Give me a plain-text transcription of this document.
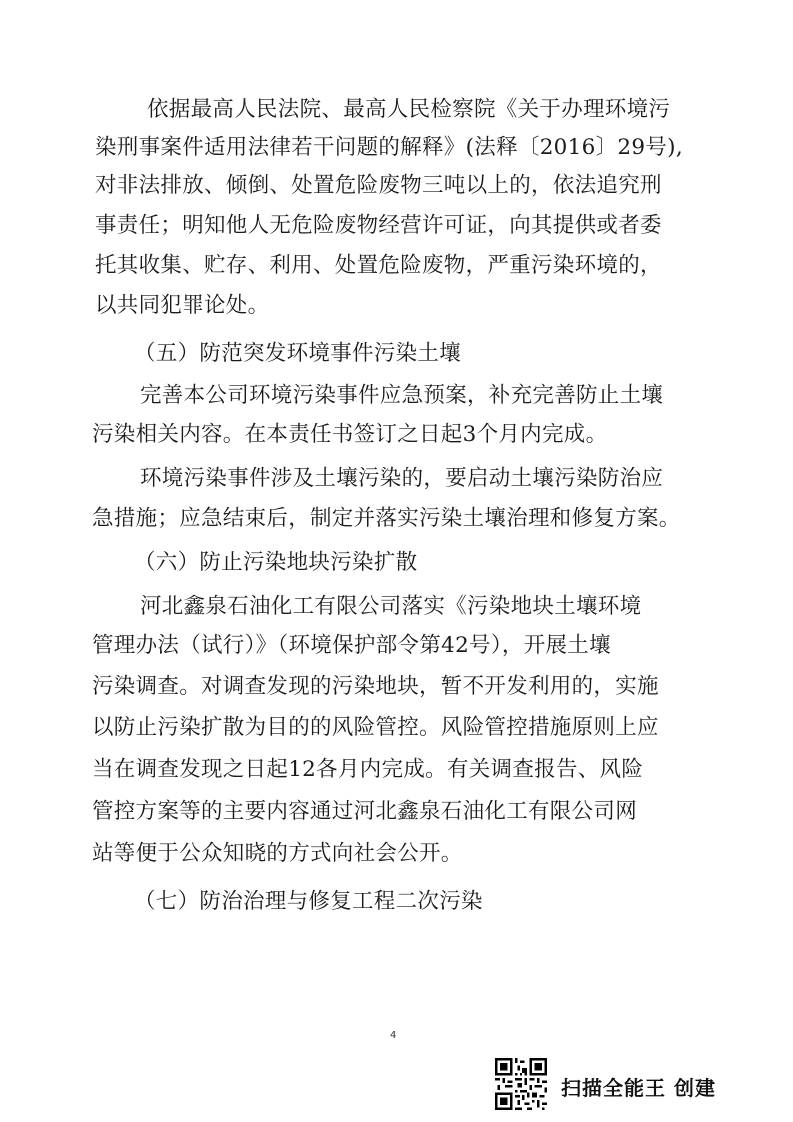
依据最高人民法院、最高人民检察院《关于办理环境污
染刑事案件适用法律若干问题的解释》(法释〔2016〕29号),
对非法排放、倾倒、处置危险废物三吨以上的，依法追究刑
事责任；明知他人无危险废物经营许可证，向其提供或者委
托其收集、贮存、利用、处置危险废物，严重污染环境的，
以共同犯罪论处。
（五）防范突发环境事件污染土壤
完善本公司环境污染事件应急预案，补充完善防止土壤
污染相关内容。在本责任书签订之日起3个月内完成。
环境污染事件涉及土壤污染的，要启动土壤污染防治应
急措施；应急结束后，制定并落实污染土壤治理和修复方案。
（六）防止污染地块污染扩散
河北鑫泉石油化工有限公司落实《污染地块土壤环境
管理办法（试行）》（环境保护部令第42号），开展土壤
污染调查。对调查发现的污染地块，暂不开发利用的，实施
以防止污染扩散为目的的风险管控。风险管控措施原则上应
当在调查发现之日起12各月内完成。有关调查报告、风险
管控方案等的主要内容通过河北鑫泉石油化工有限公司网
站等便于公众知晓的方式向社会公开。
（七）防治治理与修复工程二次污染
4
扫描全能王 创建
